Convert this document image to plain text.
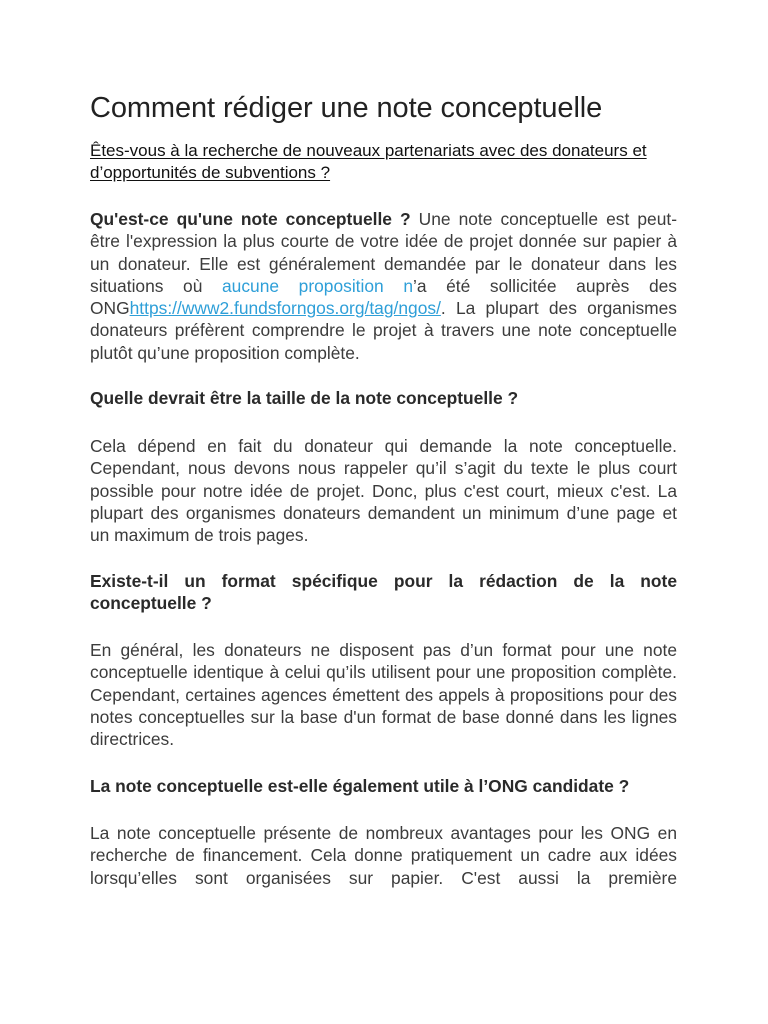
Comment rédiger une note conceptuelle

Êtes-vous à la recherche de nouveaux partenariats avec des donateurs et d’opportunités de subventions ?

Qu'est-ce qu'une note conceptuelle ? Une note conceptuelle est peut-être l'expression la plus courte de votre idée de projet donnée sur papier à un donateur. Elle est généralement demandée par le donateur dans les situations où aucune proposition n’a été sollicitée auprès des ONGhttps://www2.fundsforngos.org/tag/ngos/. La plupart des organismes donateurs préfèrent comprendre le projet à travers une note conceptuelle plutôt qu’une proposition complète.

Quelle devrait être la taille de la note conceptuelle ?

Cela dépend en fait du donateur qui demande la note conceptuelle. Cependant, nous devons nous rappeler qu’il s’agit du texte le plus court possible pour notre idée de projet. Donc, plus c'est court, mieux c'est. La plupart des organismes donateurs demandent un minimum d’une page et un maximum de trois pages.

Existe-t-il un format spécifique pour la rédaction de la note conceptuelle ?

En général, les donateurs ne disposent pas d’un format pour une note conceptuelle identique à celui qu’ils utilisent pour une proposition complète. Cependant, certaines agences émettent des appels à propositions pour des notes conceptuelles sur la base d'un format de base donné dans les lignes directrices.

La note conceptuelle est-elle également utile à l’ONG candidate ?

La note conceptuelle présente de nombreux avantages pour les ONG en recherche de financement. Cela donne pratiquement un cadre aux idées lorsqu’elles sont organisées sur papier. C'est aussi la première
